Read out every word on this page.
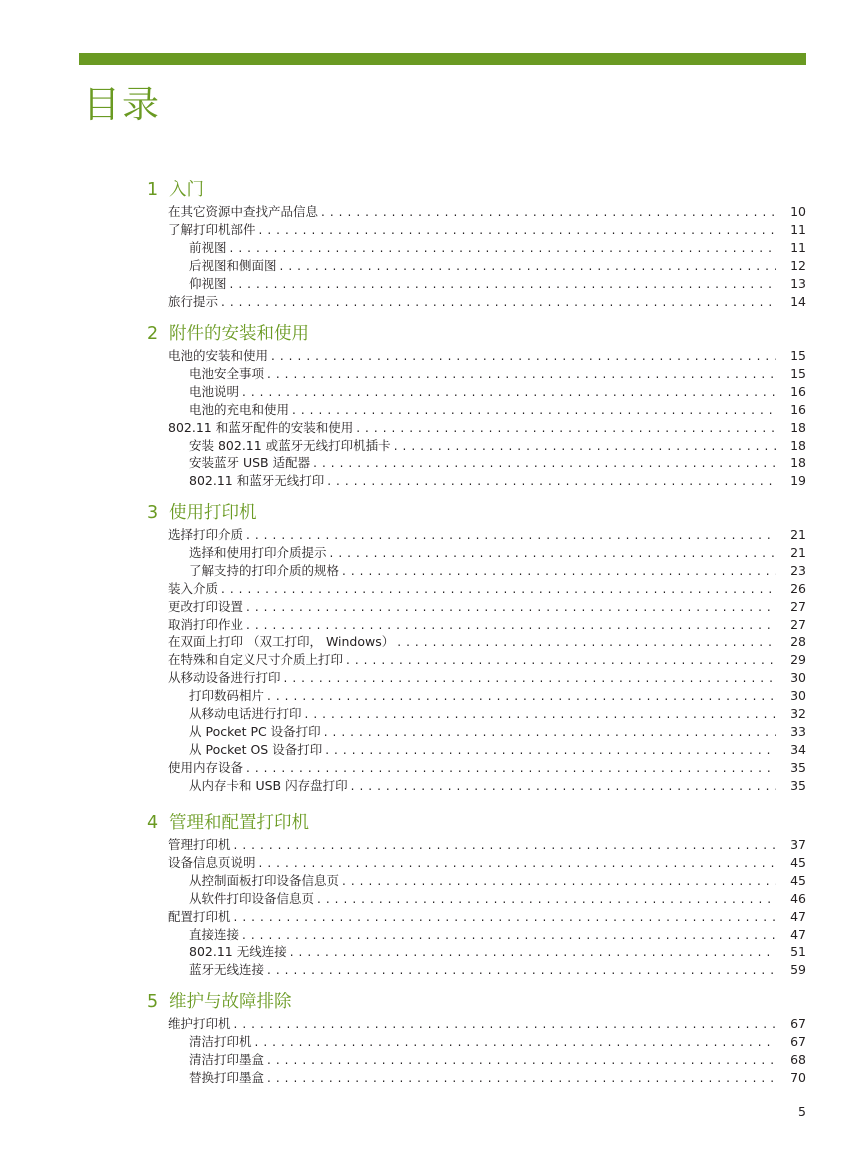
目录
1 入门
在其它资源中查找产品信息 . . .	10
了解打印机部件 . . .	11
前视图 . . .	11
后视图和侧面图 . . .	12
仰视图 . . .	13
旅行提示 . . .	14
2 附件的安装和使用
电池的安装和使用 . . .	15
电池安全事项 . . .	15
电池说明 . . .	16
电池的充电和使用 . . .	16
802.11 和蓝牙配件的安装和使用 . . .	18
安装 802.11 或蓝牙无线打印机插卡 . . .	18
安装蓝牙 USB 适配器 . . .	18
802.11 和蓝牙无线打印 . . .	19
3 使用打印机
选择打印介质 . . .	21
选择和使用打印介质提示 . . .	21
了解支持的打印介质的规格 . . .	23
装入介质 . . .	26
更改打印设置 . . .	27
取消打印作业 . . .	27
在双面上打印 （双工打印， Windows） . . .	28
在特殊和自定义尺寸介质上打印 . . .	29
从移动设备进行打印 . . .	30
打印数码相片 . . .	30
从移动电话进行打印 . . .	32
从 Pocket PC 设备打印 . . .	33
从 Pocket OS 设备打印 . . .	34
使用内存设备 . . .	35
从内存卡和 USB 闪存盘打印 . . .	35
4 管理和配置打印机
管理打印机 . . .	37
设备信息页说明 . . .	45
从控制面板打印设备信息页 . . .	45
从软件打印设备信息页 . . .	46
配置打印机 . . .	47
直接连接 . . .	47
802.11 无线连接 . . .	51
蓝牙无线连接 . . .	59
5 维护与故障排除
维护打印机 . . .	67
清洁打印机 . . .	67
清洁打印墨盒 . . .	68
替换打印墨盒 . . .	70
5
